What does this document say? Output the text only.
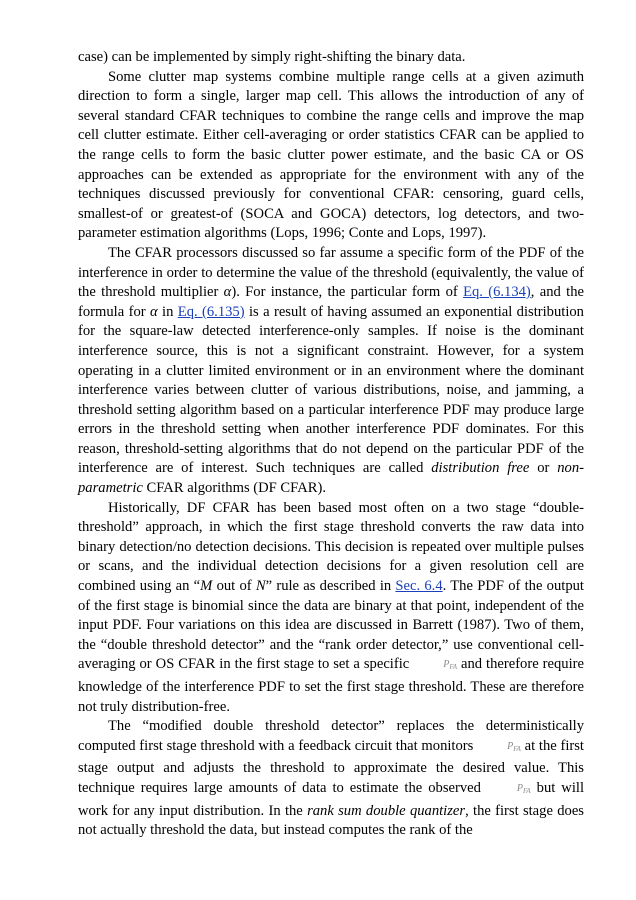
case) can be implemented by simply right-shifting the binary data.

Some clutter map systems combine multiple range cells at a given azimuth direction to form a single, larger map cell. This allows the introduction of any of several standard CFAR techniques to combine the range cells and improve the map cell clutter estimate. Either cell-averaging or order statistics CFAR can be applied to the range cells to form the basic clutter power estimate, and the basic CA or OS approaches can be extended as appropriate for the environment with any of the techniques discussed previously for conventional CFAR: censoring, guard cells, smallest-of or greatest-of (SOCA and GOCA) detectors, log detectors, and two-parameter estimation algorithms (Lops, 1996; Conte and Lops, 1997).

The CFAR processors discussed so far assume a specific form of the PDF of the interference in order to determine the value of the threshold (equivalently, the value of the threshold multiplier α). For instance, the particular form of Eq. (6.134), and the formula for α in Eq. (6.135) is a result of having assumed an exponential distribution for the square-law detected interference-only samples. If noise is the dominant interference source, this is not a significant constraint. However, for a system operating in a clutter limited environment or in an environment where the dominant interference varies between clutter of various distributions, noise, and jamming, a threshold setting algorithm based on a particular interference PDF may produce large errors in the threshold setting when another interference PDF dominates. For this reason, threshold-setting algorithms that do not depend on the particular PDF of the interference are of interest. Such techniques are called distribution free or non-parametric CFAR algorithms (DF CFAR).

Historically, DF CFAR has been based most often on a two stage “double-threshold” approach, in which the first stage threshold converts the raw data into binary detection/no detection decisions. This decision is repeated over multiple pulses or scans, and the individual detection decisions for a given resolution cell are combined using an “M out of N” rule as described in Sec. 6.4. The PDF of the output of the first stage is binomial since the data are binary at that point, independent of the input PDF. Four variations on this idea are discussed in Barrett (1987). Two of them, the “double threshold detector” and the “rank order detector,” use conventional cell-averaging or OS CFAR in the first stage to set a specific	$P_{FA}$ and therefore require knowledge of the interference PDF to set the first stage threshold. These are therefore not truly distribution-free.

The “modified double threshold detector” replaces the deterministically computed first stage threshold with a feedback circuit that monitors	$P_{FA}$ at the first stage output and adjusts the threshold to approximate the desired value. This technique requires large amounts of data to estimate the observed	$P_{FA}$ but will work for any input distribution. In the rank sum double quantizer, the first stage does not actually threshold the data, but instead computes the rank of the
